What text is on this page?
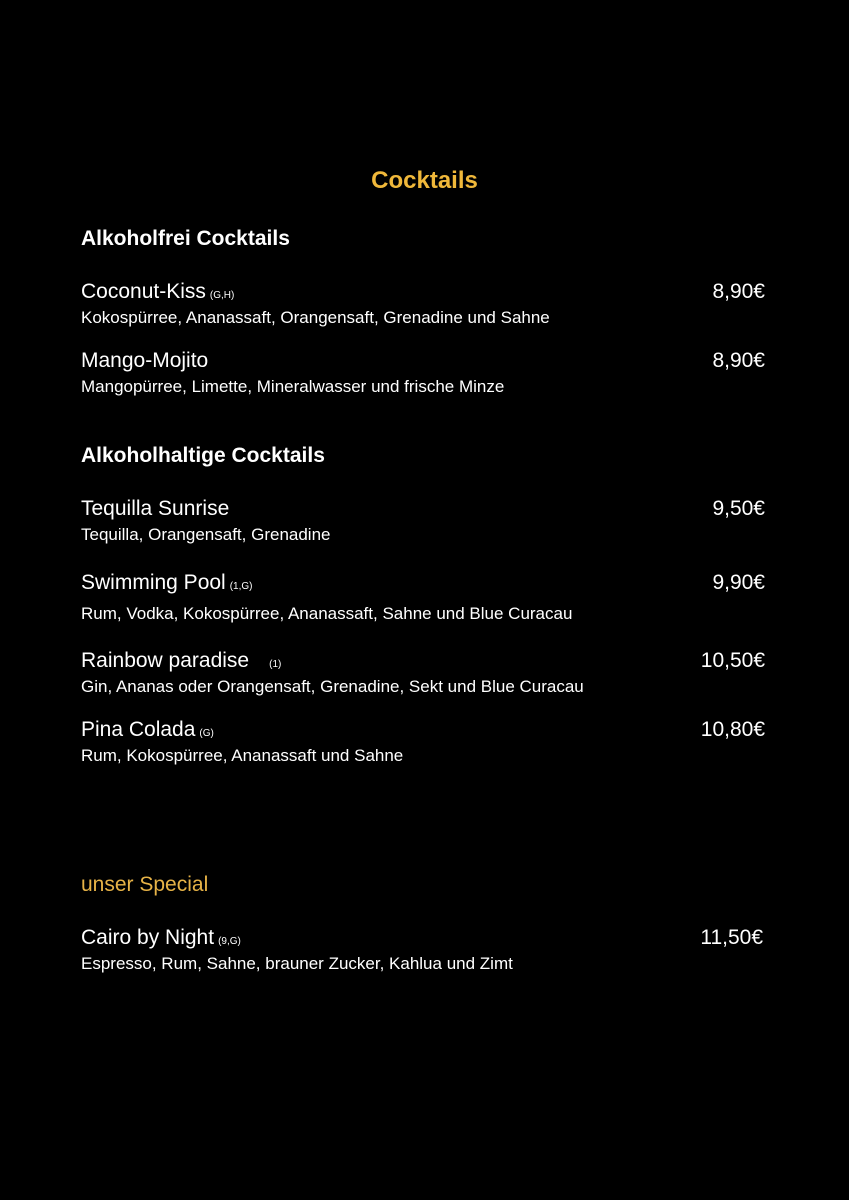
Cocktails
Alkoholfrei Cocktails
Coconut-Kiss (G,H)	8,90€
Kokospürree, Ananassaft, Orangensaft, Grenadine und Sahne
Mango-Mojito	8,90€
Mangopürree, Limette, Mineralwasser und frische Minze
Alkoholhaltige Cocktails
Tequilla Sunrise	9,50€
Tequilla, Orangensaft, Grenadine
Swimming Pool (1,G)	9,90€
Rum, Vodka, Kokospürree, Ananassaft, Sahne und Blue Curacau
Rainbow paradise (1)	10,50€
Gin, Ananas oder Orangensaft, Grenadine, Sekt und Blue Curacau
Pina Colada (G)	10,80€
Rum, Kokospürree, Ananassaft und Sahne
unser Special
Cairo by Night (9,G)	11,50€
Espresso, Rum, Sahne, brauner Zucker, Kahlua und Zimt
